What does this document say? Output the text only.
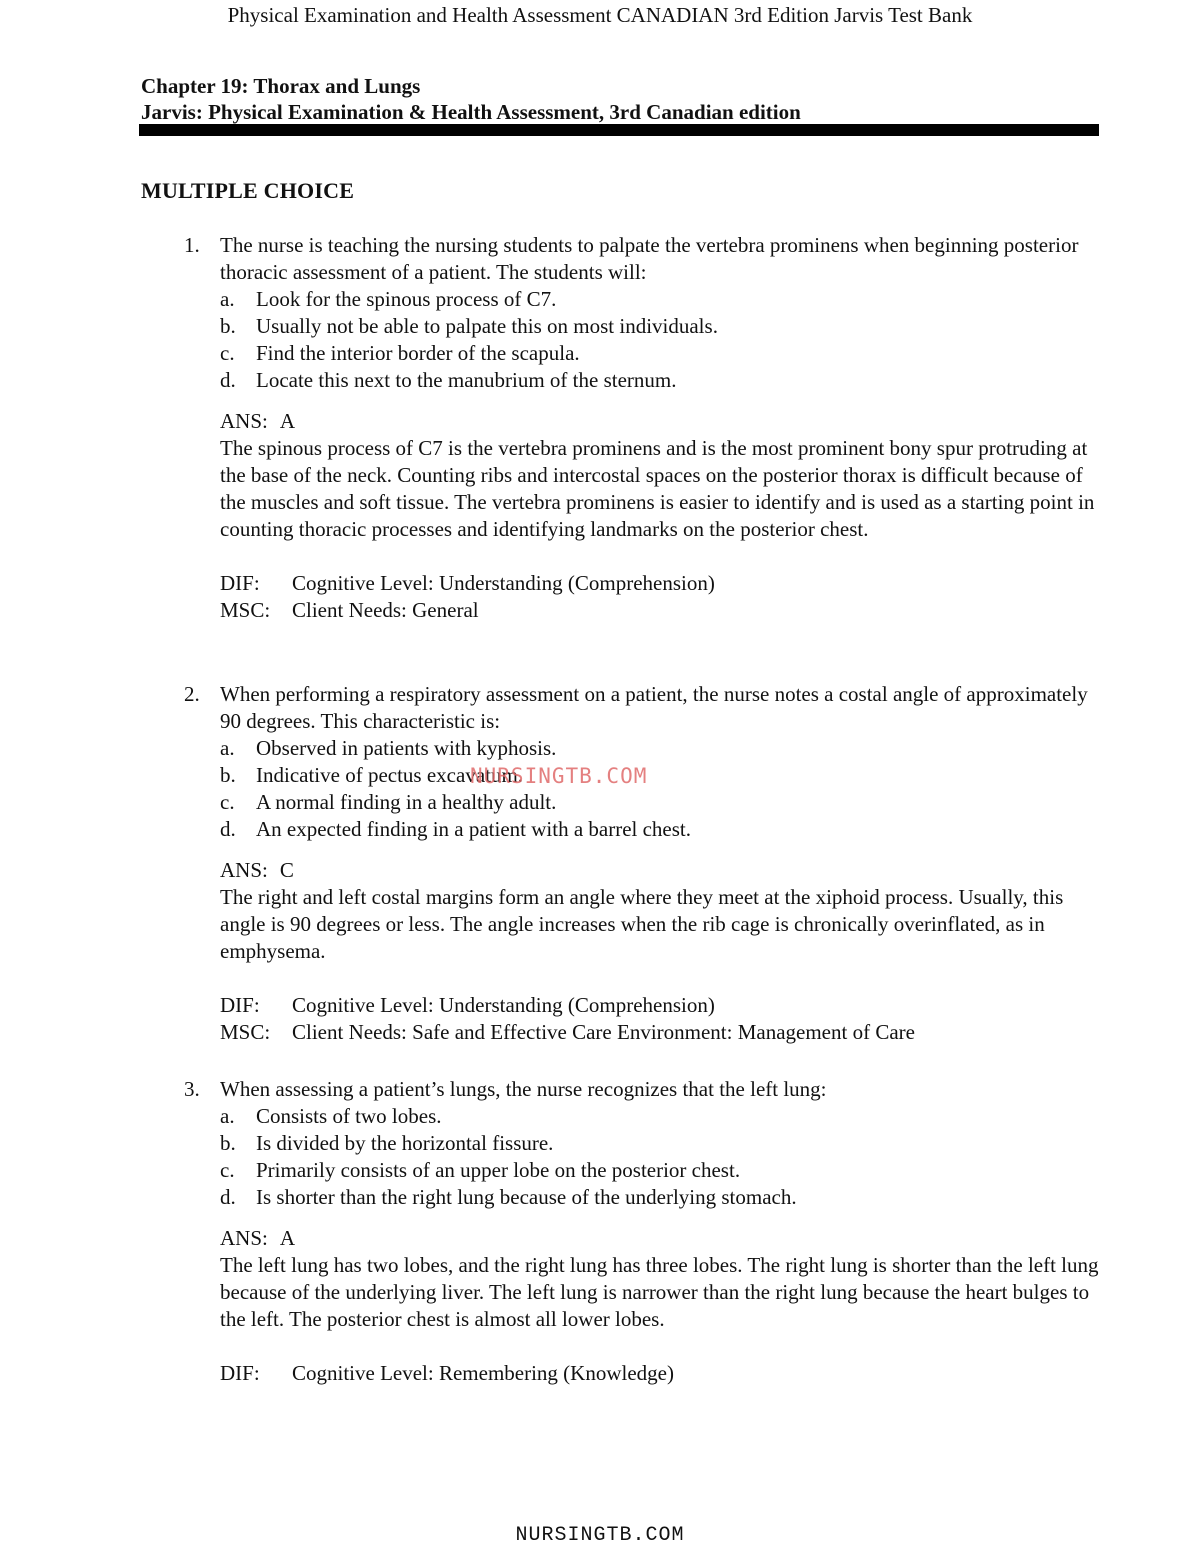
Physical Examination and Health Assessment CANADIAN 3rd Edition Jarvis Test Bank
Chapter 19: Thorax and Lungs
Jarvis: Physical Examination & Health Assessment, 3rd Canadian edition
MULTIPLE CHOICE
1. The nurse is teaching the nursing students to palpate the vertebra prominens when beginning posterior thoracic assessment of a patient. The students will:
a. Look for the spinous process of C7.
b. Usually not be able to palpate this on most individuals.
c. Find the interior border of the scapula.
d. Locate this next to the manubrium of the sternum.
ANS: A
The spinous process of C7 is the vertebra prominens and is the most prominent bony spur protruding at the base of the neck. Counting ribs and intercostal spaces on the posterior thorax is difficult because of the muscles and soft tissue. The vertebra prominens is easier to identify and is used as a starting point in counting thoracic processes and identifying landmarks on the posterior chest.
DIF: Cognitive Level: Understanding (Comprehension)
MSC: Client Needs: General
2. When performing a respiratory assessment on a patient, the nurse notes a costal angle of approximately 90 degrees. This characteristic is:
a. Observed in patients with kyphosis.
b. Indicative of pectus excavatum.
c. A normal finding in a healthy adult.
d. An expected finding in a patient with a barrel chest.
ANS: C
The right and left costal margins form an angle where they meet at the xiphoid process. Usually, this angle is 90 degrees or less. The angle increases when the rib cage is chronically overinflated, as in emphysema.
DIF: Cognitive Level: Understanding (Comprehension)
MSC: Client Needs: Safe and Effective Care Environment: Management of Care
3. When assessing a patient’s lungs, the nurse recognizes that the left lung:
a. Consists of two lobes.
b. Is divided by the horizontal fissure.
c. Primarily consists of an upper lobe on the posterior chest.
d. Is shorter than the right lung because of the underlying stomach.
ANS: A
The left lung has two lobes, and the right lung has three lobes. The right lung is shorter than the left lung because of the underlying liver. The left lung is narrower than the right lung because the heart bulges to the left. The posterior chest is almost all lower lobes.
DIF: Cognitive Level: Remembering (Knowledge)
NURSINGTB.COM
NURSINGTB.COM
